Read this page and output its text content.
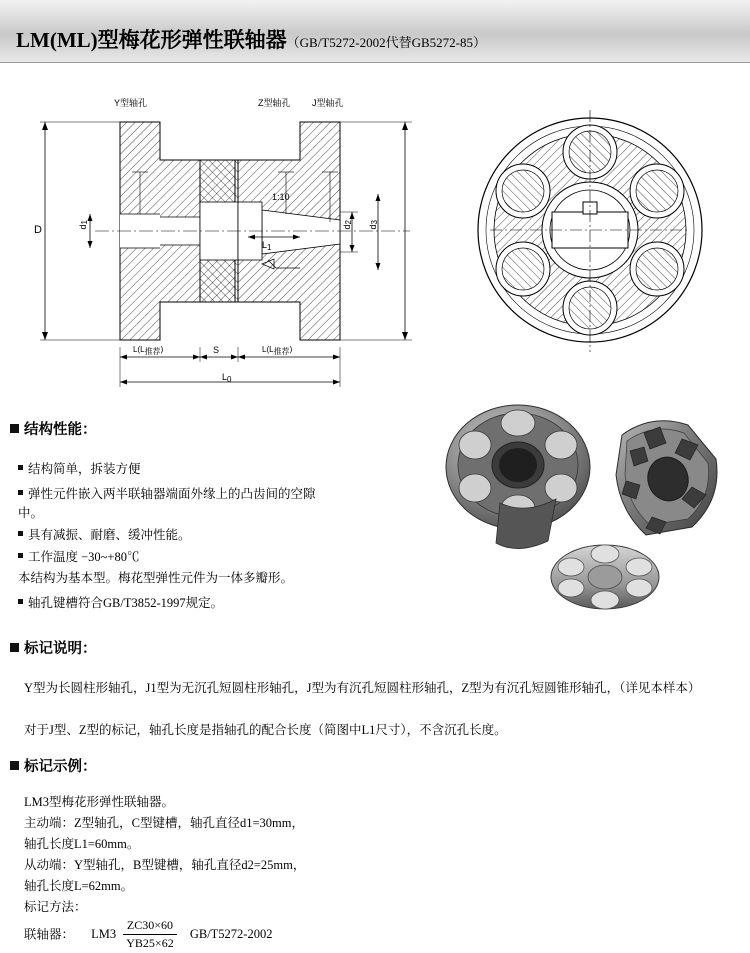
LM(ML)型梅花形弹性联轴器（GB/T5272-2002代替GB5272-85）
Y型轴孔	Z型轴孔 J型轴孔
D	$d_1$
$d_2$
$d_3$
$L_1$
1:10
$L(L_{推荐})$	S	$L(L_{推荐})$
$L_0$
结构性能：
结构简单，拆装方便
弹性元件嵌入两半联轴器端面外缘上的凸齿间的空隙中。
具有减振、耐磨、缓冲性能。
工作温度 −30~+80℃
本结构为基本型。梅花型弹性元件为一体多瓣形。
轴孔键槽符合GB/T3852-1997规定。
标记说明：
Y型为长圆柱形轴孔，J1型为无沉孔短圆柱形轴孔，J型为有沉孔短圆柱形轴孔，Z型为有沉孔短圆锥形轴孔，（详见本样本）
对于J型、Z型的标记，轴孔长度是指轴孔的配合长度（简图中L1尺寸），不含沉孔长度。
标记示例：
LM3型梅花形弹性联轴器。
主动端：Z型轴孔，C型键槽，轴孔直径d1=30mm，
轴孔长度L1=60mm。
从动端：Y型轴孔，B型键槽，轴孔直径d2=25mm，
轴孔长度L=62mm。
标记方法：
联轴器： $LM3 \frac{ZC30\times 60}{YB25\times 62} GB/T5272-2002$
